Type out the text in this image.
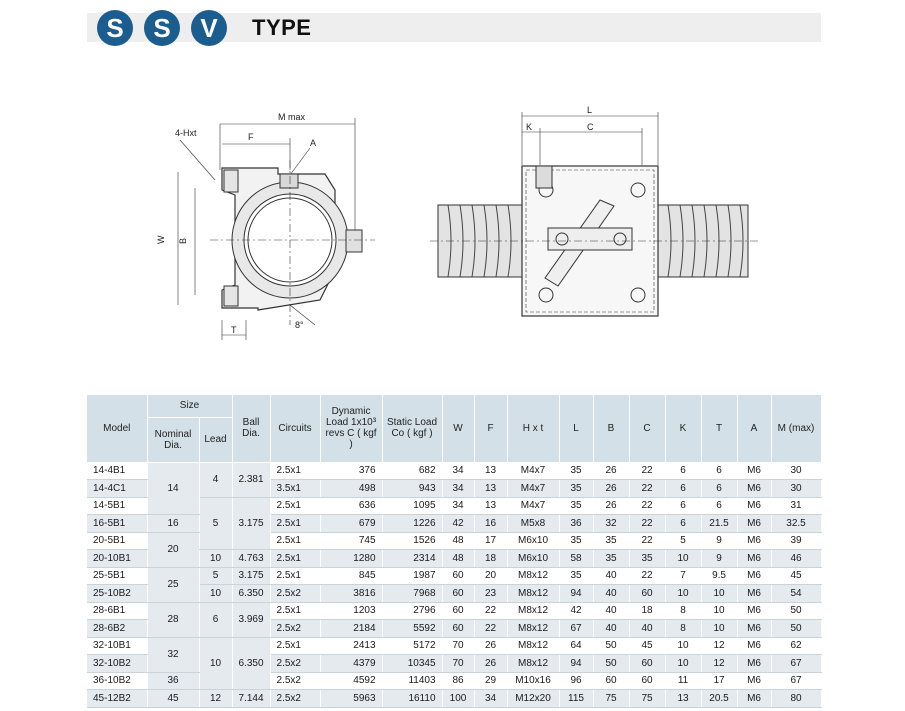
S	S	V	TYPE
M max
4-Hxt	F
A
W B
T	8°
L
K	C
Model	Size		Ball Dia.	Circuits	Dynamic Load 1x10³ revs C ( kgf )	Static Load Co ( kgf )	W	F	H x t	L	B	C	K	T	A	M (max)
	Nominal Dia.	Lead														
14-4B1	14	4	2.381	2.5x1	376	682	34	13	M4x7	35	26	22	6	6	M6	30
14-4C1				3.5x1	498	943	34	13	M4x7	35	26	22	6	6	M6	30
14-5B1		5	3.175	2.5x1	636	1095	34	13	M4x7	35	26	22	6	6	M6	31
16-5B1	16			2.5x1	679	1226	42	16	M5x8	36	32	22	6	21.5	M6	32.5
20-5B1	20			2.5x1	745	1526	48	17	M6x10	35	35	22	5	9	M6	39
20-10B1		10	4.763	2.5x1	1280	2314	48	18	M6x10	58	35	35	10	9	M6	46
25-5B1	25	5	3.175	2.5x1	845	1987	60	20	M8x12	35	40	22	7	9.5	M6	45
25-10B2		10	6.350	2.5x2	3816	7968	60	23	M8x12	94	40	60	10	10	M6	54
28-6B1	28	6	3.969	2.5x1	1203	2796	60	22	M8x12	42	40	18	8	10	M6	50
28-6B2				2.5x2	2184	5592	60	22	M8x12	67	40	40	8	10	M6	50
32-10B1	32	10	6.350	2.5x1	2413	5172	70	26	M8x12	64	50	45	10	12	M6	62
32-10B2				2.5x2	4379	10345	70	26	M8x12	94	50	60	10	12	M6	67
36-10B2	36			2.5x2	4592	11403	86	29	M10x16	96	60	60	11	17	M6	67
45-12B2	45	12	7.144	2.5x2	5963	16110	100	34	M12x20	115	75	75	13	20.5	M6	80
